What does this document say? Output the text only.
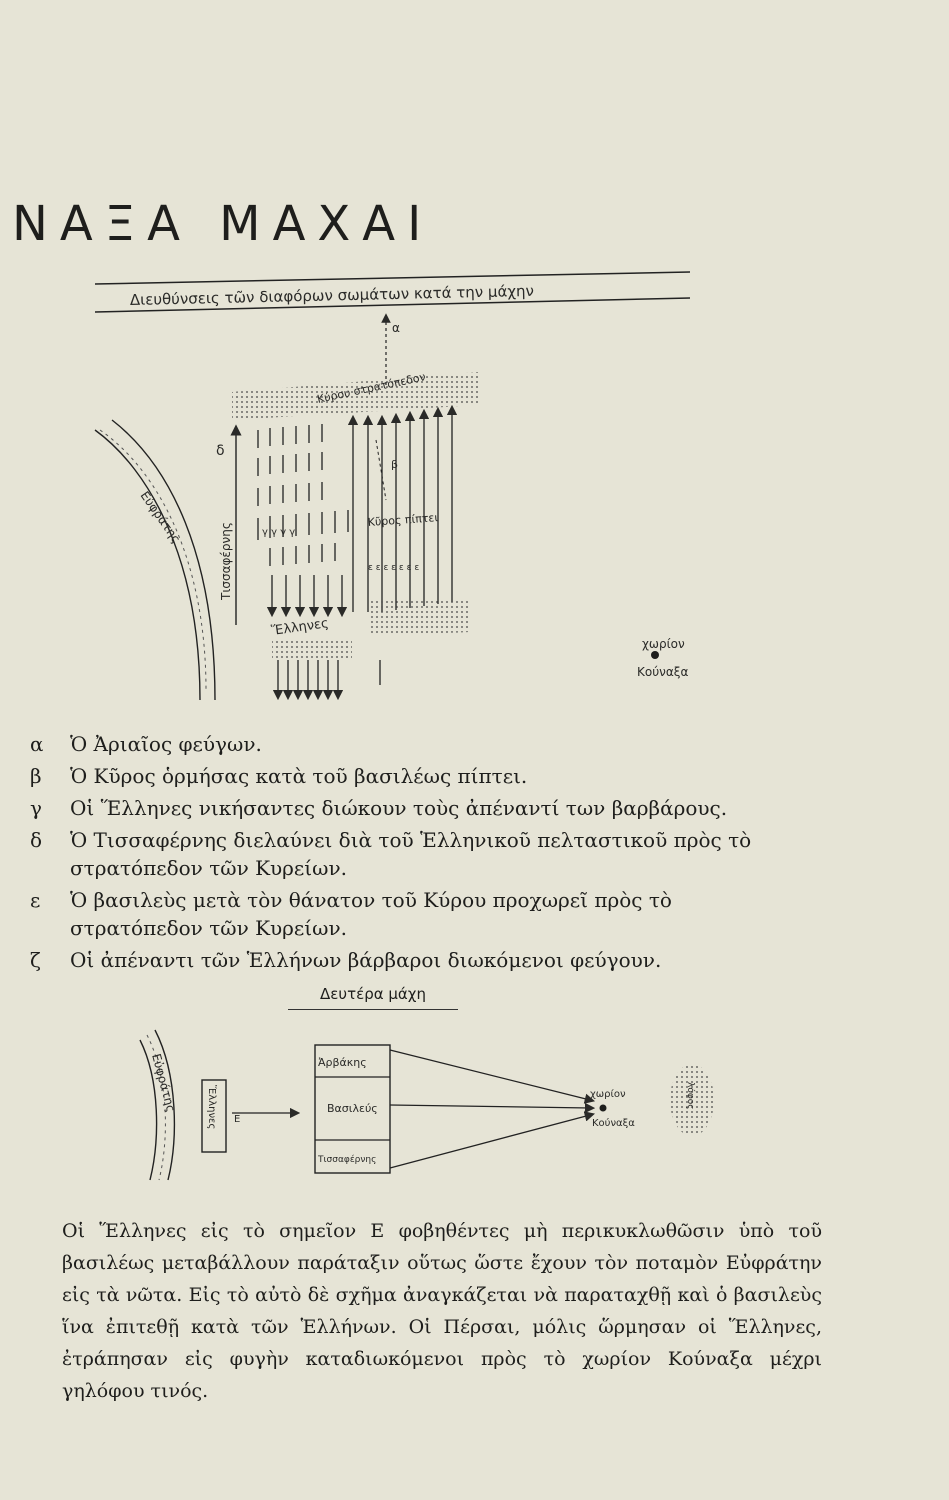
ΝΑΞΑ ΜΑΧΑΙ
Διευθύνσεις τῶν διαφόρων σωμάτων κατά την μάχην
α
Κύρου στρατόπεδον
Εὐφράτης
Τισσαφέρνης
δ
γ γ γ γ
Ἕλληνες
β
Κῦρος πίπτει
ε ε ε ε ε ε ε
χωρίον
Κούναξα
Εὐφράτης	Ἕλληνες Ε
Ἀρβάκης
Βασιλεύς
Τισσαφέρνης
χωρίον
Κούναξα
λόφος
α	Ὁ Ἀριαῖος φεύγων.
β	Ὁ Κῦρος ὁρμήσας κατὰ τοῦ βασιλέως πίπτει.
γ	Οἱ Ἕλληνες νικήσαντες διώκουν τοὺς ἀπέναντί των βαρβάρους.
δ	Ὁ Τισσαφέρνης διελαύνει διὰ τοῦ Ἑλληνικοῦ πελταστικοῦ πρὸς τὸ στρατόπεδον τῶν Κυρείων.
ε	Ὁ βασιλεὺς μετὰ τὸν θάνατον τοῦ Κύρου προχωρεῖ πρὸς τὸ στρατόπεδον τῶν Κυρείων.
ζ	Οἱ ἀπέναντι τῶν Ἑλλήνων βάρβαροι διωκόμενοι φεύγουν.
Δευτέρα μάχη
Οἱ Ἕλληνες εἰς τὸ σημεῖον Ε φοβηθέντες μὴ περικυκλωθῶσιν ὑπὸ τοῦ βασιλέως μεταβάλλουν παράταξιν οὕτως ὥστε ἔχουν τὸν ποταμὸν Εὐφράτην εἰς τὰ νῶτα. Εἰς τὸ αὐτὸ δὲ σχῆμα ἀναγκάζεται νὰ παραταχθῇ καὶ ὁ βασιλεὺς ἵνα ἐπιτεθῇ κατὰ τῶν Ἑλλήνων. Οἱ Πέρσαι, μόλις ὥρμησαν οἱ Ἕλληνες, ἐτράπησαν εἰς φυγὴν καταδιωκόμενοι πρὸς τὸ χωρίον Κούναξα μέχρι γηλόφου τινός.
